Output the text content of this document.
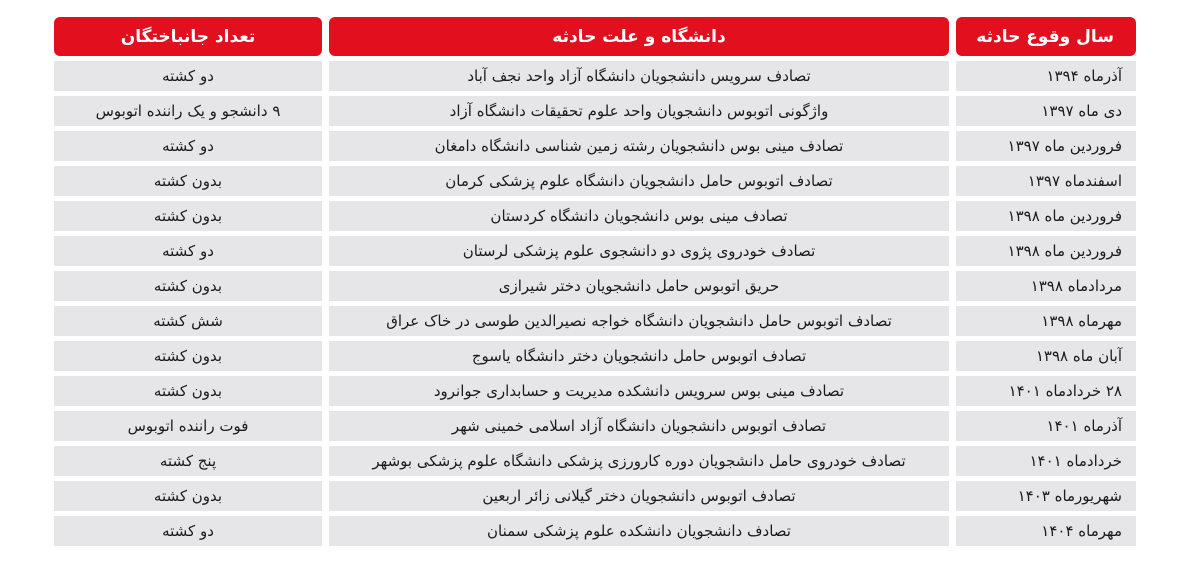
سال وقوع حادثه	دانشگاه و علت حادثه	تعداد جانباختگان
آذرماه ۱۳۹۴	تصادف سرویس دانشجویان دانشگاه آزاد واحد نجف آباد	دو کشته
دی ماه ۱۳۹۷	واژگونی اتوبوس دانشجویان واحد علوم تحقیقات دانشگاه آزاد	۹ دانشجو و یک راننده اتوبوس
فروردین ماه ۱۳۹۷	تصادف مینی بوس دانشجویان رشته زمین شناسی دانشگاه دامغان	دو کشته
اسفندماه ۱۳۹۷	تصادف اتوبوس حامل دانشجویان دانشگاه علوم پزشکی کرمان	بدون کشته
فروردین ماه ۱۳۹۸	تصادف مینی بوس دانشجویان دانشگاه کردستان	بدون کشته
فروردین ماه ۱۳۹۸	تصادف خودروی پژوی دو دانشجوی علوم پزشکی لرستان	دو کشته
مردادماه ۱۳۹۸	حریق اتوبوس حامل دانشجویان دختر شیرازی	بدون کشته
مهرماه ۱۳۹۸	تصادف اتوبوس حامل دانشجویان دانشگاه خواجه نصیرالدین طوسی در خاک عراق	شش کشته
آبان ماه ۱۳۹۸	تصادف اتوبوس حامل دانشجویان دختر دانشگاه یاسوج	بدون کشته
۲۸ خردادماه ۱۴۰۱	تصادف مینی بوس سرویس دانشکده مدیریت و حسابداری جوانرود	بدون کشته
آذرماه ۱۴۰۱	تصادف اتوبوس دانشجویان دانشگاه آزاد اسلامی خمینی شهر	فوت راننده اتوبوس
خردادماه ۱۴۰۱	تصادف خودروی حامل دانشجویان دوره کارورزی پزشکی دانشگاه علوم پزشکی بوشهر	پنج کشته
شهریورماه ۱۴۰۳	تصادف اتوبوس دانشجویان دختر گیلانی زائر اربعین	بدون کشته
مهرماه ۱۴۰۴	تصادف دانشجویان دانشکده علوم پزشکی سمنان	دو کشته
